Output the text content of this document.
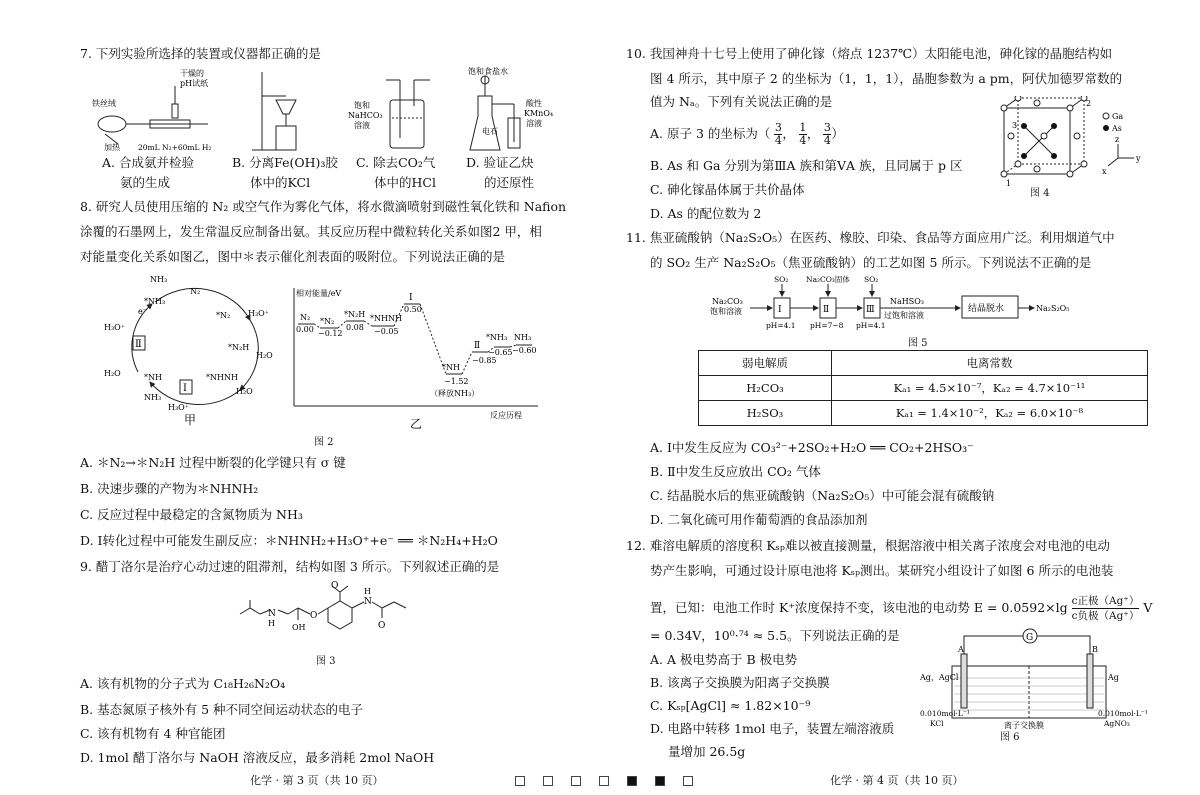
7. 下列实验所选择的装置或仪器都正确的是
铁丝绒
干燥的
pH试纸
加热 20mL N₂+60mL H₂
饱和
NaHCO₃
溶液
饱和食盐水
电石
酸性
KMnO₄
溶液
A. 合成氨并检验
氨的生成
B. 分离Fe(OH)₃胶
体中的KCl
C. 除去CO₂气
体中的HCl
D. 验证乙炔
的还原性
8. 研究人员使用压缩的 N₂ 或空气作为雾化气体，将水微滴喷射到磁性氧化铁和 Nafion
涂覆的石墨网上，发生常温反应制备出氨。其反应历程中微粒转化关系如图2 甲，相
对能量变化关系如图乙，图中＊表示催化剂表面的吸附位。下列说法正确的是
Ⅱ
Ⅰ
NH₃
*NH₃
N₂
*N₂ H₃O⁺
*N₂H
H₂O
*NHNH
H₂O
*NH
NH₃
H₃O⁺
H₂O
H₃O⁺
e⁻
甲
相对能量/eV
反应历程
乙
N₂
0.00
*N₂
−0.12
*N₂H
0.08
*NHNH
−0.05
Ⅰ
0.50
*NH
−1.52
（释放NH₃）
Ⅱ
−0.85
*NH₃
−0.65
NH₃
−0.60
图 2
A. ＊N₂→＊N₂H 过程中断裂的化学键只有 σ 键
B. 决速步骤的产物为＊NHNH₂
C. 反应过程中最稳定的含氮物质为 NH₃
D. Ⅰ转化过程中可能发生副反应：＊NHNH₂+H₃O⁺+e⁻ ══ ＊N₂H₄+H₂O
9. 醋丁洛尔是治疗心动过速的阻滞剂，结构如图 3 所示。下列叙述正确的是
N
H OH
O
O
N
H
O
图 3
A. 该有机物的分子式为 C₁₈H₂₆N₂O₄
B. 基态氮原子核外有 5 种不同空间运动状态的电子
C. 该有机物有 4 种官能团
D. 1mol 醋丁洛尔与 NaOH 溶液反应，最多消耗 2mol NaOH
化学 · 第 3 页（共 10 页）
10. 我国神舟十七号上使用了砷化镓（熔点 1237℃）太阳能电池，砷化镓的晶胞结构如
图 4 所示，其中原子 2 的坐标为（1，1，1），晶胞参数为 a pm，阿伏加德罗常数的
值为 Nₐ。下列有关说法正确的是
A. 原子 3 的坐标为（ $\frac{3}{4}$， $\frac{1}{4}$， $\frac{3}{4}$）
B. As 和 Ga 分别为第ⅢA 族和第ⅤA 族，且同属于 p 区
C. 砷化镓晶体属于共价晶体
D. As 的配位数为 2
3
2
1
Ga
As
z
y
x
图 4
11. 焦亚硫酸钠（Na₂S₂O₅）在医药、橡胶、印染、食品等方面应用广泛。利用烟道气中
的 SO₂ 生产 Na₂S₂O₅（焦亚硫酸钠）的工艺如图 5 所示。下列说法不正确的是
Na₂CO₃
饱和溶液	Ⅰ
SO₂
pH=4.1
Ⅱ
Na₂CO₃固体
pH=7~8
Ⅲ
SO₂
pH=4.1
NaHSO₃
过饱和溶液
结晶脱水	Na₂S₂O₅
图 5
弱电解质	电离常数
H₂CO₃	Kₐ₁ = 4.5×10⁻⁷，Kₐ₂ = 4.7×10⁻¹¹
H₂SO₃	Kₐ₁ = 1.4×10⁻²，Kₐ₂ = 6.0×10⁻⁸
A. Ⅰ中发生反应为 CO₃²⁻+2SO₂+H₂O ══ CO₂+2HSO₃⁻
B. Ⅱ中发生反应放出 CO₂ 气体
C. 结晶脱水后的焦亚硫酸钠（Na₂S₂O₅）中可能会混有硫酸钠
D. 二氧化硫可用作葡萄酒的食品添加剂
12. 难溶电解质的溶度积 Kₛₚ难以被直接测量，根据溶液中相关离子浓度会对电池的电动
势产生影响，可通过设计原电池将 Kₛₚ测出。某研究小组设计了如图 6 所示的电池装
置，已知：电池工作时 K⁺浓度保持不变，该电池的电动势 E = 0.0592×lg c正极（Ag⁺）
c负极（Ag⁺） V
= 0.34V，10⁰·⁷⁴ ≈ 5.5。下列说法正确的是
A. A 极电势高于 B 极电势
B. 该离子交换膜为阳离子交换膜
C. Kₛₚ[AgCl] ≈ 1.82×10⁻⁹
D. 电路中转移 1mol 电子，装置左端溶液质
量增加 26.5g
G
A	B
Ag，AgCl	Ag
0.010mol·L⁻¹
KCl
0.010mol·L⁻¹
AgNO₃
离子交换膜
图 6
化学 · 第 4 页（共 10 页）
